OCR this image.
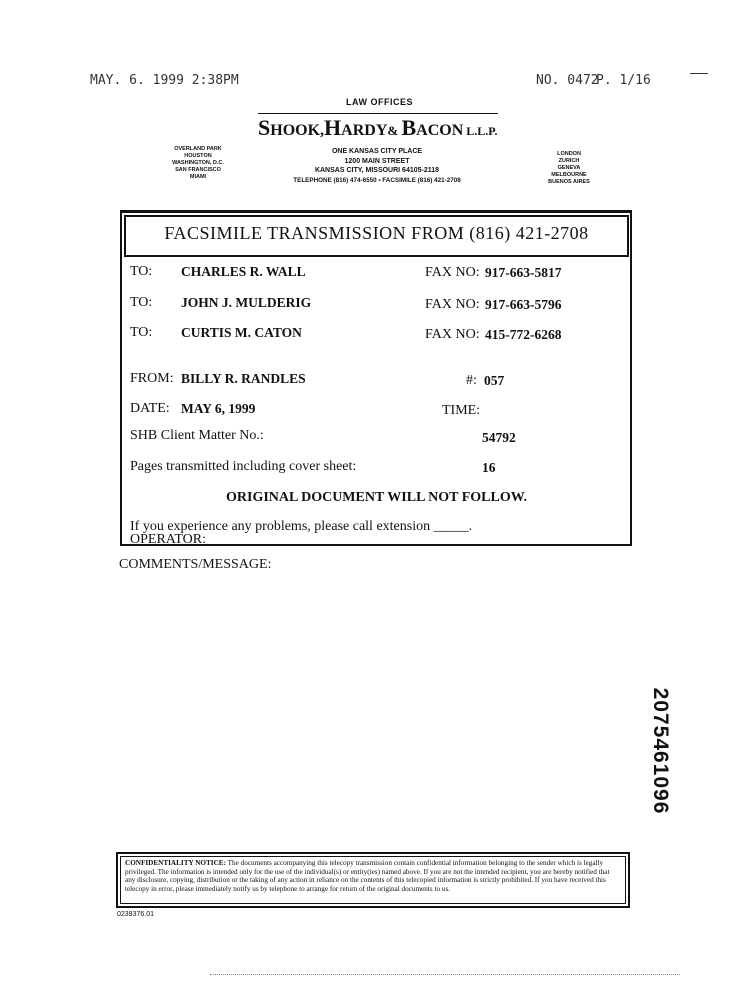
MAY. 6. 1999 2:38PM	NO. 0472
P. 1/16
LAW OFFICES
SHOOK,HARDY& BACON L.L.P.
OVERLAND PARK
HOUSTON
WASHINGTON, D.C.
SAN FRANCISCO
MIAMI
ONE KANSAS CITY PLACE
1200 MAIN STREET
KANSAS CITY, MISSOURI 64105-2118
TELEPHONE (816) 474-6550 ▪ FACSIMILE (816) 421-2708
LONDON
ZURICH
GENEVA
MELBOURNE
BUENOS AIRES
FACSIMILE TRANSMISSION FROM (816) 421-2708
TO: CHARLES R. WALL	FAX NO: 917-663-5817
TO: JOHN J. MULDERIG	FAX NO: 917-663-5796
TO: CURTIS M. CATON	FAX NO: 415-772-6268
FROM: BILLY R. RANDLES	#: 057
DATE: MAY 6, 1999	TIME:
SHB Client Matter No.:	54792
Pages transmitted including cover sheet:	16
ORIGINAL DOCUMENT WILL NOT FOLLOW.
If you experience any problems, please call extension _____.
OPERATOR:
COMMENTS/MESSAGE:
2075461096
CONFIDENTIALITY NOTICE: The documents accompanying this telecopy transmission contain confidential information belonging to the sender which is legally privileged. The information is intended only for the use of the individual(s) or entity(ies) named above. If you are not the intended recipient, you are hereby notified that any disclosure, copying, distribution or the taking of any action in reliance on the contents of this telecopied information is strictly prohibited. If you have received this telecopy in error, please immediately notify us by telephone to arrange for return of the original documents to us.
0239376.01
